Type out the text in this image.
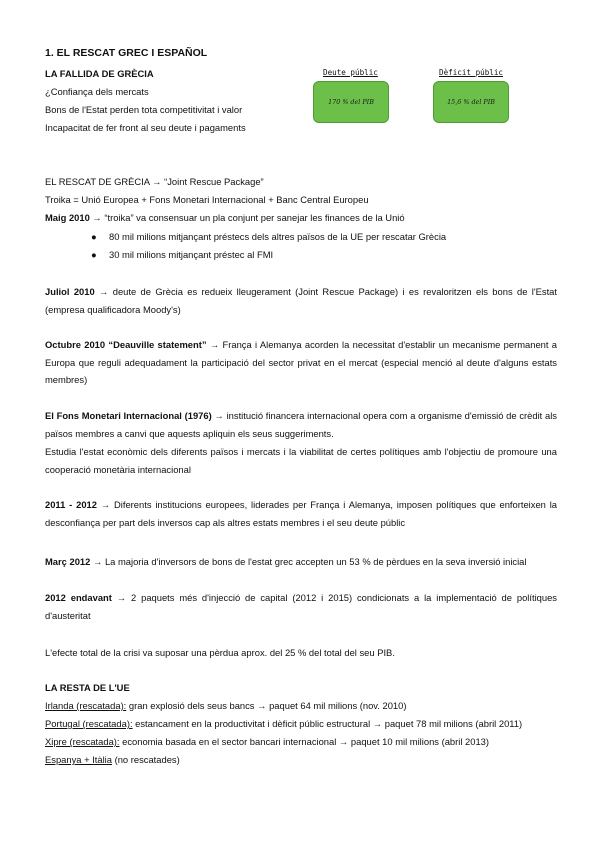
1. EL RESCAT GREC I ESPAÑOL
LA FALLIDA DE GRÈCIA
¿Confiança dels mercats
Bons de l'Estat perden tota competitivitat i valor
Incapacitat de fer front al seu deute i pagaments
Deute públic
170 % del PIB
Dèficit públic
15,6 % del PIB
EL RESCAT DE GRÈCIA → “Joint Rescue Package”
Troika = Unió Europea + Fons Monetari Internacional + Banc Central Europeu
Maig 2010 → “troika” va consensuar un pla conjunt per sanejar les finances de la Unió
● 80 mil milions mitjançant préstecs dels altres països de la UE per rescatar Grècia
● 30 mil milions mitjançant préstec al FMI
Juliol 2010 → deute de Grècia es redueix lleugerament (Joint Rescue Package) i es revaloritzen els bons de l'Estat (empresa qualificadora Moody's)
Octubre 2010 “Deauville statement” → França i Alemanya acorden la necessitat d'establir un mecanisme permanent a Europa que reguli adequadament la participació del sector privat en el mercat (especial menció al deute d'alguns estats membres)
El Fons Monetari Internacional (1976) → institució financera internacional opera com a organisme d'emissió de crèdit als països membres a canvi que aquests apliquin els seus suggeriments.
Estudia l'estat econòmic dels diferents països i mercats i la viabilitat de certes polítiques amb l'objectiu de promoure una cooperació monetària internacional
2011 - 2012 → Diferents institucions europees, liderades per França i Alemanya, imposen polítiques que enforteixen la desconfiança per part dels inversos cap als altres estats membres i el seu deute públic
Març 2012 → La majoria d'inversors de bons de l'estat grec accepten un 53 % de pèrdues en la seva inversió inicial
2012 endavant → 2 paquets més d'injecció de capital (2012 i 2015) condicionats a la implementació de polítiques d'austeritat
L'efecte total de la crisi va suposar una pèrdua aprox. del 25 % del total del seu PIB.
LA RESTA DE L'UE
Irlanda (rescatada): gran explosió dels seus bancs → paquet 64 mil milions (nov. 2010)
Portugal (rescatada): estancament en la productivitat i dèficit públic estructural → paquet 78 mil milions (abril 2011)
Xipre (rescatada): economia basada en el sector bancari internacional → paquet 10 mil milions (abril 2013)
Espanya + Itàlia (no rescatades)
